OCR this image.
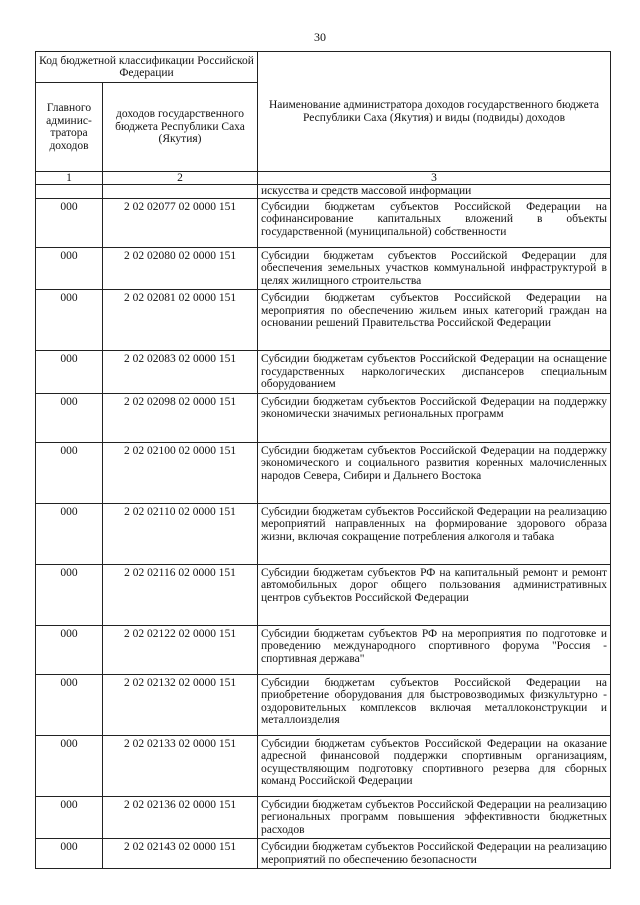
30
Код бюджетной классификации Российской Федерации		Наименование администратора доходов государственного бюджета Республики Саха (Якутия) и виды (подвиды) доходов
Главного админис-тратора доходов	доходов государственного бюджета Республики Саха (Якутия)	
1	2	3
		искусства и средств массовой информации
000	2 02 02077 02 0000 151	Субсидии бюджетам субъектов Российской Федерации на софинансирование капитальных вложений в объекты государственной (муниципальной) собственности
000	2 02 02080 02 0000 151	Субсидии бюджетам субъектов Российской Федерации для обеспечения земельных участков коммунальной инфраструктурой в целях жилищного строительства
000	2 02 02081 02 0000 151	Субсидии бюджетам субъектов Российской Федерации на мероприятия по обеспечению жильем иных категорий граждан на основании решений Правительства Российской Федерации
000	2 02 02083 02 0000 151	Субсидии бюджетам субъектов Российской Федерации на оснащение государственных наркологических диспансеров специальным оборудованием
000	2 02 02098 02 0000 151	Субсидии бюджетам субъектов Российской Федерации на поддержку экономически значимых региональных программ
000	2 02 02100 02 0000 151	Субсидии бюджетам субъектов Российской Федерации на поддержку экономического и социального развития коренных малочисленных народов Севера, Сибири и Дальнего Востока
000	2 02 02110 02 0000 151	Субсидии бюджетам субъектов Российской Федерации на реализацию мероприятий направленных на формирование здорового образа жизни, включая сокращение потребления алкоголя и табака
000	2 02 02116 02 0000 151	Субсидии бюджетам субъектов РФ на капитальный ремонт и ремонт автомобильных дорог общего пользования административных центров субъектов Российской Федерации
000	2 02 02122 02 0000 151	Субсидии бюджетам субъектов РФ на мероприятия по подготовке и проведению международного спортивного форума "Россия - спортивная держава"
000	2 02 02132 02 0000 151	Субсидии бюджетам субъектов Российской Федерации на приобретение оборудования для быстровозводимых физкультурно - оздоровительных комплексов включая металлоконструкции и металлоизделия
000	2 02 02133 02 0000 151	Субсидии бюджетам субъектов Российской Федерации на оказание адресной финансовой поддержки спортивным организациям, осуществляющим подготовку спортивного резерва для сборных команд Российской Федерации
000	2 02 02136 02 0000 151	Субсидии бюджетам субъектов Российской Федерации на реализацию региональных программ повышения эффективности бюджетных расходов
000	2 02 02143 02 0000 151	Субсидии бюджетам субъектов Российской Федерации на реализацию мероприятий по обеспечению безопасности
